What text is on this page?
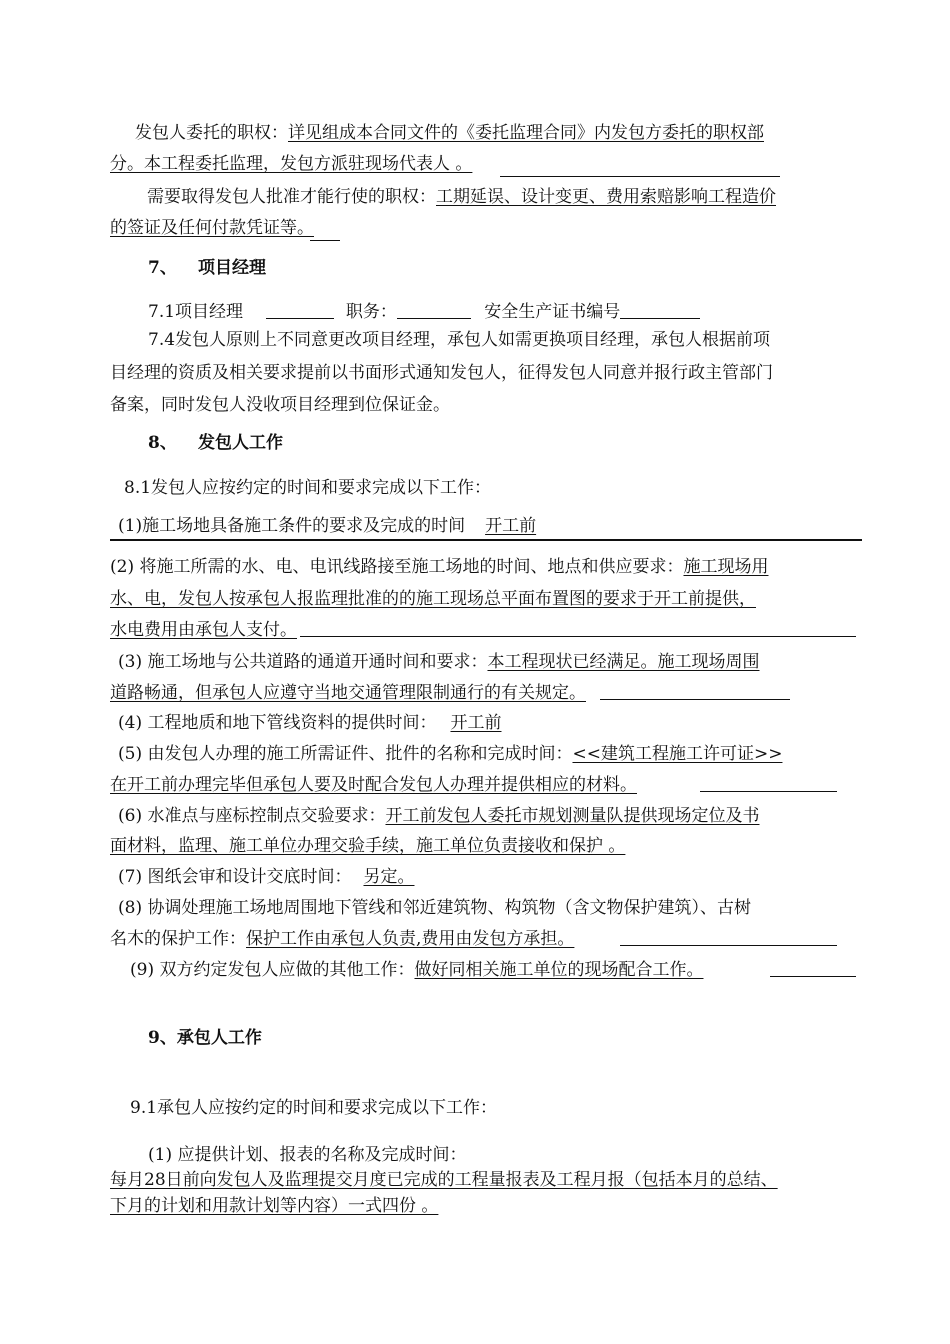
发包人委托的职权：详见组成本合同文件的《委托监理合同》内发包方委托的职权部
分。本工程委托监理，发包方派驻现场代表人 。
需要取得发包人批准才能行使的职权：工期延误、设计变更、费用索赔影响工程造价
的签证及任何付款凭证等。
7、 项目经理
7.1项目经理	职务：	安全生产证书编号
7.4发包人原则上不同意更改项目经理，承包人如需更换项目经理，承包人根据前项
目经理的资质及相关要求提前以书面形式通知发包人，征得发包人同意并报行政主管部门
备案，同时发包人没收项目经理到位保证金。
8、 发包人工作
8.1发包人应按约定的时间和要求完成以下工作：
(1)施工场地具备施工条件的要求及完成的时间 开工前
(2) 将施工所需的水、电、电讯线路接至施工场地的时间、地点和供应要求：施工现场用
水、电，发包人按承包人报监理批准的的施工现场总平面布置图的要求于开工前提供，
水电费用由承包人支付。
(3) 施工场地与公共道路的通道开通时间和要求：本工程现状已经满足。施工现场周围
道路畅通，但承包人应遵守当地交通管理限制通行的有关规定。
(4) 工程地质和地下管线资料的提供时间： 开工前
(5) 由发包人办理的施工所需证件、批件的名称和完成时间：<<建筑工程施工许可证>>
在开工前办理完毕但承包人要及时配合发包人办理并提供相应的材料。
(6) 水准点与座标控制点交验要求：开工前发包人委托市规划测量队提供现场定位及书
面材料，监理、施工单位办理交验手续，施工单位负责接收和保护 。
(7) 图纸会审和设计交底时间： 另定。
(8) 协调处理施工场地周围地下管线和邻近建筑物、构筑物（含文物保护建筑）、古树
名木的保护工作：保护工作由承包人负责,费用由发包方承担。
(9) 双方约定发包人应做的其他工作：做好同相关施工单位的现场配合工作。
9、承包人工作
9.1承包人应按约定的时间和要求完成以下工作：
(1) 应提供计划、报表的名称及完成时间：
每月28日前向发包人及监理提交月度已完成的工程量报表及工程月报（包括本月的总结、
下月的计划和用款计划等内容）一式四份 。
